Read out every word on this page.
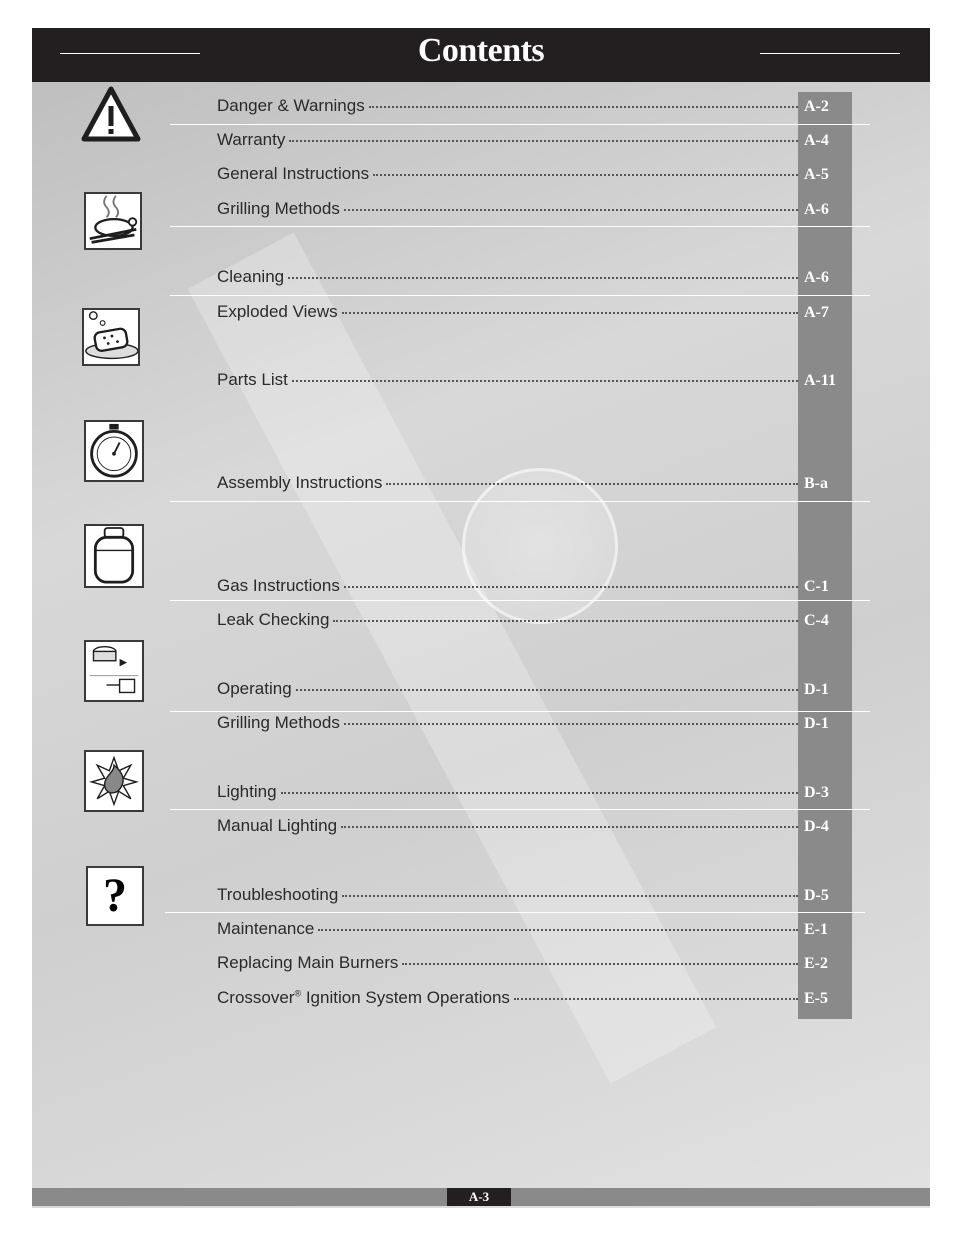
Contents
Danger & Warnings	A-2
Warranty	A-4
General Instructions	A-5
Grilling Methods	A-6
Cleaning	A-6
Exploded Views	A-7
Parts List	A-11
Assembly Instructions	B-a
Gas Instructions	C-1
Leak Checking	C-4
Operating	D-1
Grilling Methods	D-1
Lighting	D-3
Manual Lighting	D-4
Troubleshooting	D-5
Maintenance	E-1
Replacing Main Burners	E-2
Crossover® Ignition System Operations	E-5
?
A-3
